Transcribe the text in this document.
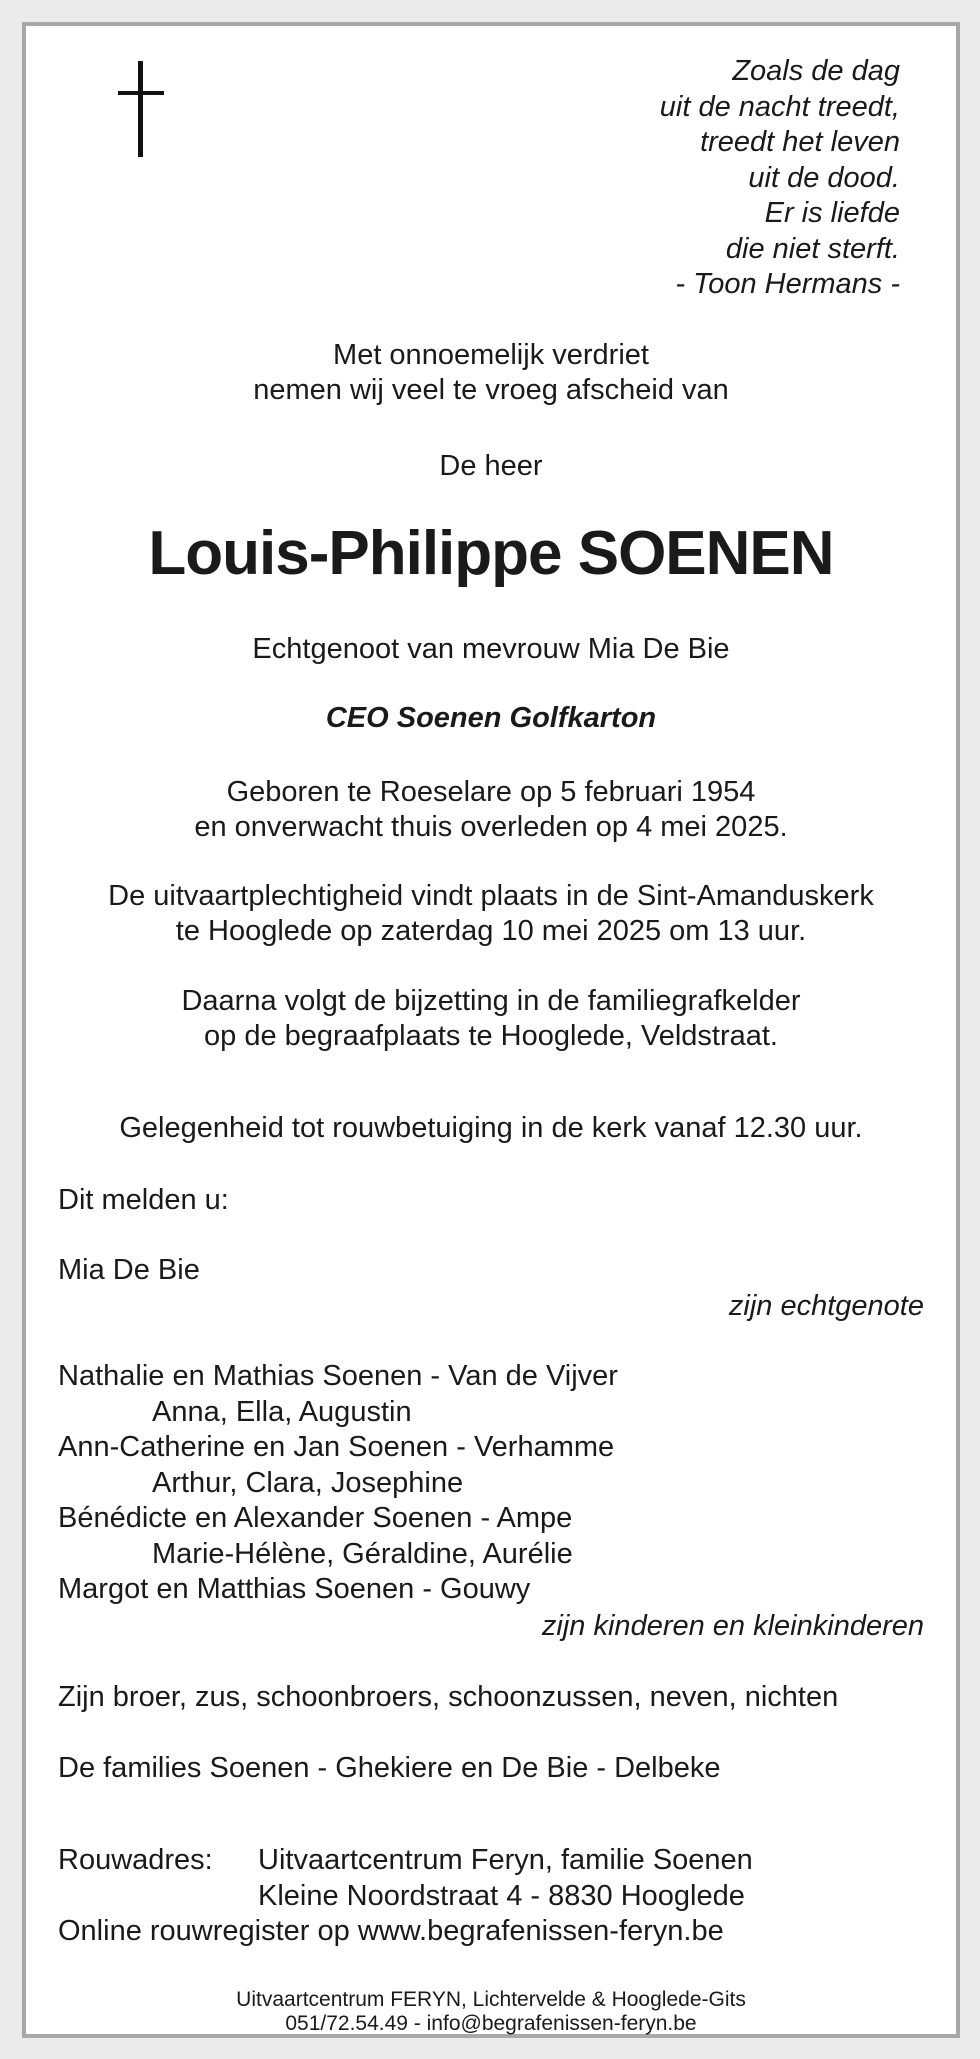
Zoals de dag
uit de nacht treedt,
treedt het leven
uit de dood.
Er is liefde
die niet sterft.
- Toon Hermans -
Met onnoemelijk verdriet
nemen wij veel te vroeg afscheid van
De heer
Louis-Philippe SOENEN
Echtgenoot van mevrouw Mia De Bie
CEO Soenen Golfkarton
Geboren te Roeselare op 5 februari 1954
en onverwacht thuis overleden op 4 mei 2025.
De uitvaartplechtigheid vindt plaats in de Sint-Amanduskerk
te Hooglede op zaterdag 10 mei 2025 om 13 uur.
Daarna volgt de bijzetting in de familiegrafkelder
op de begraafplaats te Hooglede, Veldstraat.
Gelegenheid tot rouwbetuiging in de kerk vanaf 12.30 uur.
Dit melden u:
Mia De Bie
zijn echtgenote
Nathalie en Mathias Soenen - Van de Vijver
Anna, Ella, Augustin
Ann-Catherine en Jan Soenen - Verhamme
Arthur, Clara, Josephine
Bénédicte en Alexander Soenen - Ampe
Marie-Hélène, Géraldine, Aurélie
Margot en Matthias Soenen - Gouwy
zijn kinderen en kleinkinderen
Zijn broer, zus, schoonbroers, schoonzussen, neven, nichten
De families Soenen - Ghekiere en De Bie - Delbeke
Rouwadres: Uitvaartcentrum Feryn, familie Soenen
Kleine Noordstraat 4 - 8830 Hooglede
Online rouwregister op www.begrafenissen-feryn.be
Uitvaartcentrum FERYN, Lichtervelde & Hooglede-Gits
051/72.54.49 - info@begrafenissen-feryn.be
